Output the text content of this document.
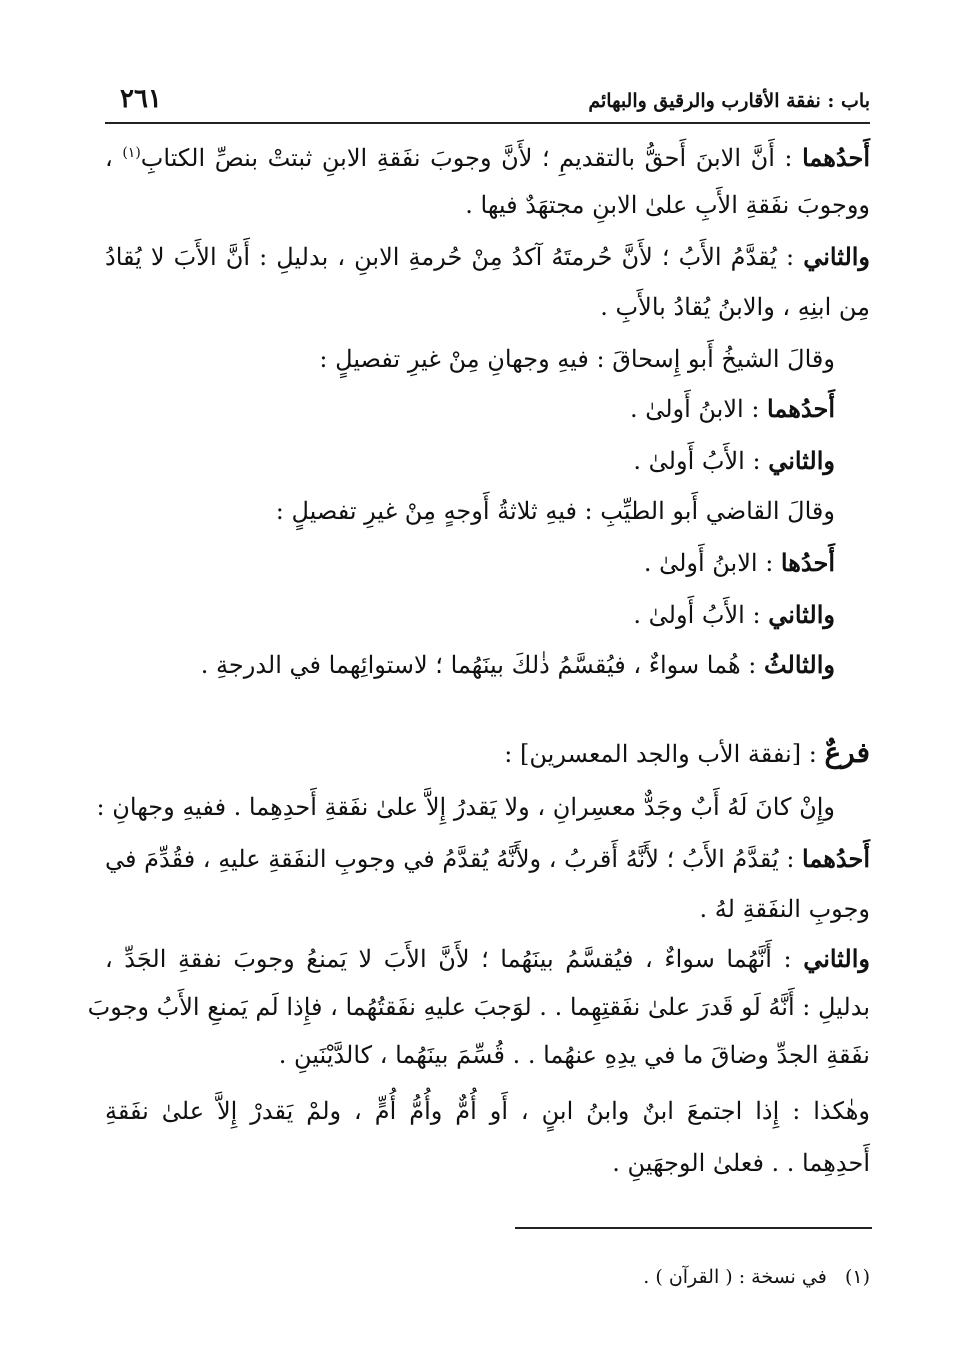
باب : نفقة الأقارب والرقيق والبهائم
٢٦١
أَحدُهما : أَنَّ الابنَ أَحقُّ بالتقديمِ ؛ لأَنَّ وجوبَ نفَقةِ الابنِ ثبتتْ بنصِّ الكتابِ$^{(١)}$ ،
ووجوبَ نفَقةِ الأَبِ علىٰ الابنِ مجتهَدٌ فيها .
والثاني : يُقدَّمُ الأَبُ ؛ لأَنَّ حُرمتَهُ آكدُ مِنْ حُرمةِ الابنِ ، بدليلِ : أَنَّ الأَبَ لا يُقادُ
مِن ابنِهِ ، والابنُ يُقادُ بالأَبِ .
وقالَ الشيخُ أَبو إِسحاقَ : فيهِ وجهانِ مِنْ غيرِ تفصيلٍ :
أَحدُهما : الابنُ أَولىٰ .
والثاني : الأَبُ أَولىٰ .
وقالَ القاضي أَبو الطيِّبِ : فيهِ ثلاثةُ أَوجهٍ مِنْ غيرِ تفصيلٍ :
أَحدُها : الابنُ أَولىٰ .
والثاني : الأَبُ أَولىٰ .
والثالثُ : هُما سواءٌ ، فيُقسَّمُ ذٰلكَ بينَهُما ؛ لاستوائِهما في الدرجةِ .
فرعٌ : [نفقة الأب والجد المعسرين] :
وإِنْ كانَ لَهُ أَبٌ وجَدٌّ معسِرانِ ، ولا يَقدرُ إِلاَّ علىٰ نفَقةِ أَحدِهِما . ففيهِ وجهانِ :
أَحدُهما : يُقدَّمُ الأَبُ ؛ لأَنَّهُ أَقربُ ، ولأَنَّهُ يُقدَّمُ في وجوبِ النفَقةِ عليهِ ، فقُدِّمَ في
وجوبِ النفَقةِ لهُ .
والثاني : أَنَّهُما سواءٌ ، فيُقسَّمُ بينَهُما ؛ لأَنَّ الأَبَ لا يَمنعُ وجوبَ نفقةِ الجَدِّ ،
بدليلِ : أَنَّهُ لَو قَدرَ علىٰ نفَقتِهِما . . لوَجبَ عليهِ نفَقتُهُما ، فإِذا لَم يَمنعِ الأَبُ وجوبَ
نفَقةِ الجدِّ وضاقَ ما في يدِهِ عنهُما . . قُسِّمَ بينَهُما ، كالدَّيْنَينِ .
وهٰكذا : إِذا اجتمعَ ابنٌ وابنُ ابنٍ ، أَو أُمٌّ وأُمُّ أُمٍّ ، ولمْ يَقدرْ إِلاَّ علىٰ نفَقةِ
أَحدِهِما . . فعلىٰ الوجهَينِ .
(١)   في نسخة : ( القرآن ) .
